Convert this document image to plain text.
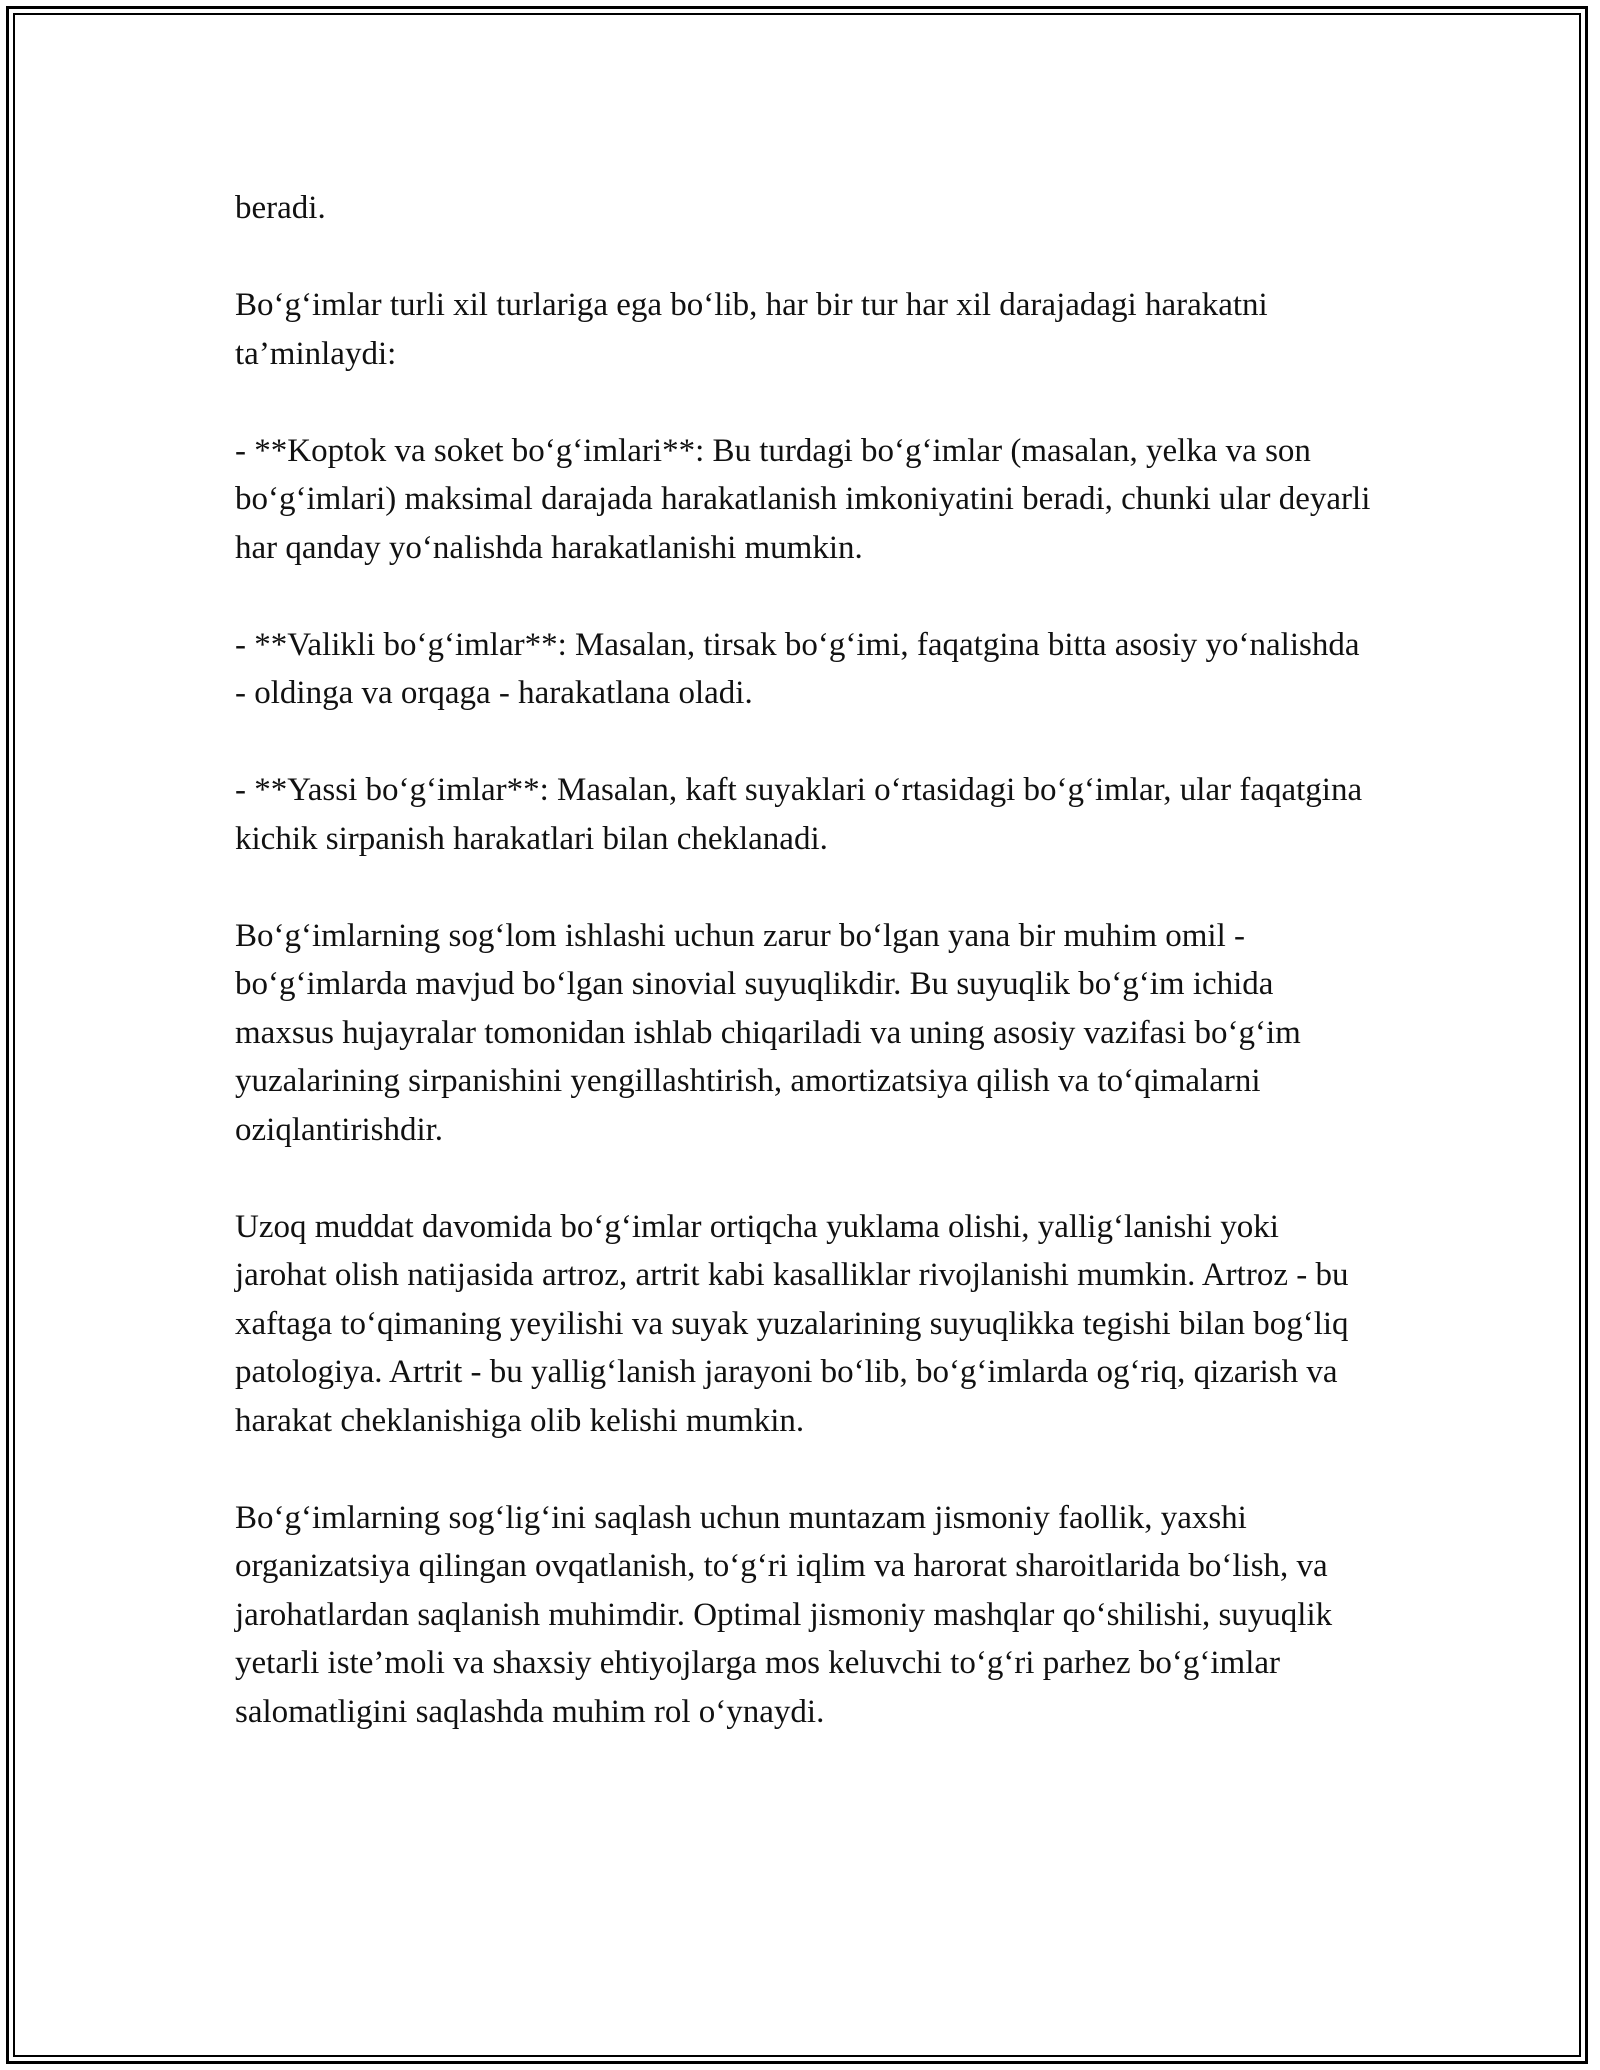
beradi.

Bo‘g‘imlar turli xil turlariga ega bo‘lib, har bir tur har xil darajadagi harakatni ta’minlaydi:

- **Koptok va soket bo‘g‘imlari**: Bu turdagi bo‘g‘imlar (masalan, yelka va son bo‘g‘imlari) maksimal darajada harakatlanish imkoniyatini beradi, chunki ular deyarli har qanday yo‘nalishda harakatlanishi mumkin.

- **Valikli bo‘g‘imlar**: Masalan, tirsak bo‘g‘imi, faqatgina bitta asosiy yo‘nalishda - oldinga va orqaga - harakatlana oladi.

- **Yassi bo‘g‘imlar**: Masalan, kaft suyaklari o‘rtasidagi bo‘g‘imlar, ular faqatgina kichik sirpanish harakatlari bilan cheklanadi.

Bo‘g‘imlarning sog‘lom ishlashi uchun zarur bo‘lgan yana bir muhim omil - bo‘g‘imlarda mavjud bo‘lgan sinovial suyuqlikdir. Bu suyuqlik bo‘g‘im ichida maxsus hujayralar tomonidan ishlab chiqariladi va uning asosiy vazifasi bo‘g‘im yuzalarining sirpanishini yengillashtirish, amortizatsiya qilish va to‘qimalarni oziqlantirishdir.

Uzoq muddat davomida bo‘g‘imlar ortiqcha yuklama olishi, yallig‘lanishi yoki jarohat olish natijasida artroz, artrit kabi kasalliklar rivojlanishi mumkin. Artroz - bu xaftaga to‘qimaning yeyilishi va suyak yuzalarining suyuqlikka tegishi bilan bog‘liq patologiya. Artrit - bu yallig‘lanish jarayoni bo‘lib, bo‘g‘imlarda og‘riq, qizarish va harakat cheklanishiga olib kelishi mumkin.

Bo‘g‘imlarning sog‘lig‘ini saqlash uchun muntazam jismoniy faollik, yaxshi organizatsiya qilingan ovqatlanish, to‘g‘ri iqlim va harorat sharoitlarida bo‘lish, va jarohatlardan saqlanish muhimdir. Optimal jismoniy mashqlar qo‘shilishi, suyuqlik yetarli iste’moli va shaxsiy ehtiyojlarga mos keluvchi to‘g‘ri parhez bo‘g‘imlar salomatligini saqlashda muhim rol o‘ynaydi.
